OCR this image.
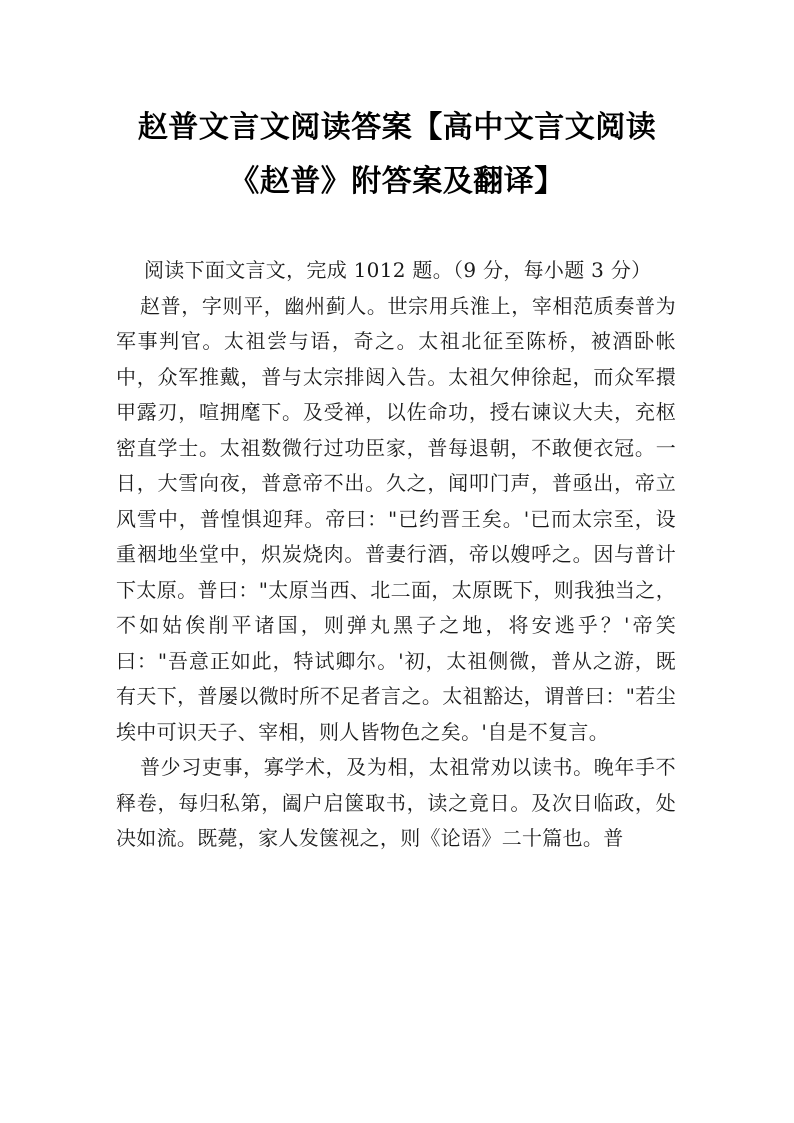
赵普文言文阅读答案【高中文言文阅读《赵普》附答案及翻译】

阅读下面文言文，完成 1012 题。（9 分，每小题 3 分）

赵普，字则平，幽州蓟人。世宗用兵淮上，宰相范质奏普为军事判官。太祖尝与语，奇之。太祖北征至陈桥，被酒卧帐中，众军推戴，普与太宗排闼入告。太祖欠伸徐起，而众军擐甲露刃，喧拥麾下。及受禅，以佐命功，授右谏议大夫，充枢密直学士。太祖数微行过功臣家，普每退朝，不敢便衣冠。一日，大雪向夜，普意帝不出。久之，闻叩门声，普亟出，帝立风雪中，普惶惧迎拜。帝曰："已约晋王矣。'已而太宗至，设重裀地坐堂中，炽炭烧肉。普妻行酒，帝以嫂呼之。因与普计下太原。普曰："太原当西、北二面，太原既下，则我独当之，不如姑俟削平诸国，则弹丸黑子之地，将安逃乎？'帝笑曰："吾意正如此，特试卿尔。'初，太祖侧微，普从之游，既有天下，普屡以微时所不足者言之。太祖豁达，谓普曰："若尘埃中可识天子、宰相，则人皆物色之矣。'自是不复言。

普少习吏事，寡学术，及为相，太祖常劝以读书。晚年手不释卷，每归私第，阖户启箧取书，读之竟日。及次日临政，处决如流。既薨，家人发箧视之，则《论语》二十篇也。普
